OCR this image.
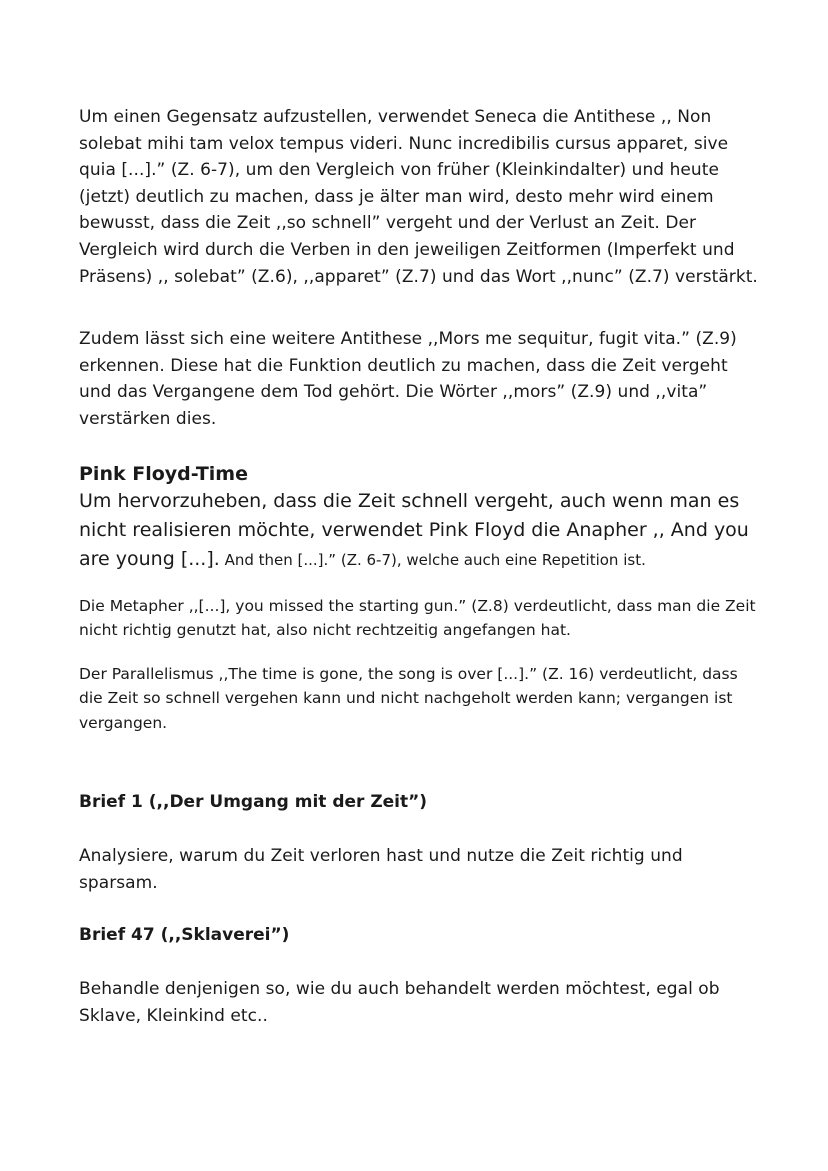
Um einen Gegensatz aufzustellen, verwendet Seneca die Antithese ,, Non solebat mihi tam velox tempus videri. Nunc incredibilis cursus apparet, sive quia [...].” (Z. 6-7), um den Vergleich von früher (Kleinkindalter) und heute (jetzt) deutlich zu machen, dass je älter man wird, desto mehr wird einem bewusst, dass die Zeit ,,so schnell” vergeht und der Verlust an Zeit. Der Vergleich wird durch die Verben in den jeweiligen Zeitformen (Imperfekt und Präsens) ,, solebat” (Z.6), ,,apparet” (Z.7) und das Wort ,,nunc” (Z.7) verstärkt.

Zudem lässt sich eine weitere Antithese ,,Mors me sequitur, fugit vita.” (Z.9) erkennen. Diese hat die Funktion deutlich zu machen, dass die Zeit vergeht und das Vergangene dem Tod gehört. Die Wörter ,,mors” (Z.9) und ,,vita” verstärken dies.

Pink Floyd-Time

Um hervorzuheben, dass die Zeit schnell vergeht, auch wenn man es nicht realisieren möchte, verwendet Pink Floyd die Anapher ,, And you are young [...]. And then [...].” (Z. 6-7), welche auch eine Repetition ist.

Die Metapher ,,[...], you missed the starting gun.” (Z.8) verdeutlicht, dass man die Zeit nicht richtig genutzt hat, also nicht rechtzeitig angefangen hat.

Der Parallelismus ,,The time is gone, the song is over [...].” (Z. 16) verdeutlicht, dass die Zeit so schnell vergehen kann und nicht nachgeholt werden kann; vergangen ist vergangen.

Brief 1 (,,Der Umgang mit der Zeit”)

Analysiere, warum du Zeit verloren hast und nutze die Zeit richtig und sparsam.

Brief 47 (,,Sklaverei”)

Behandle denjenigen so, wie du auch behandelt werden möchtest, egal ob Sklave, Kleinkind etc..
